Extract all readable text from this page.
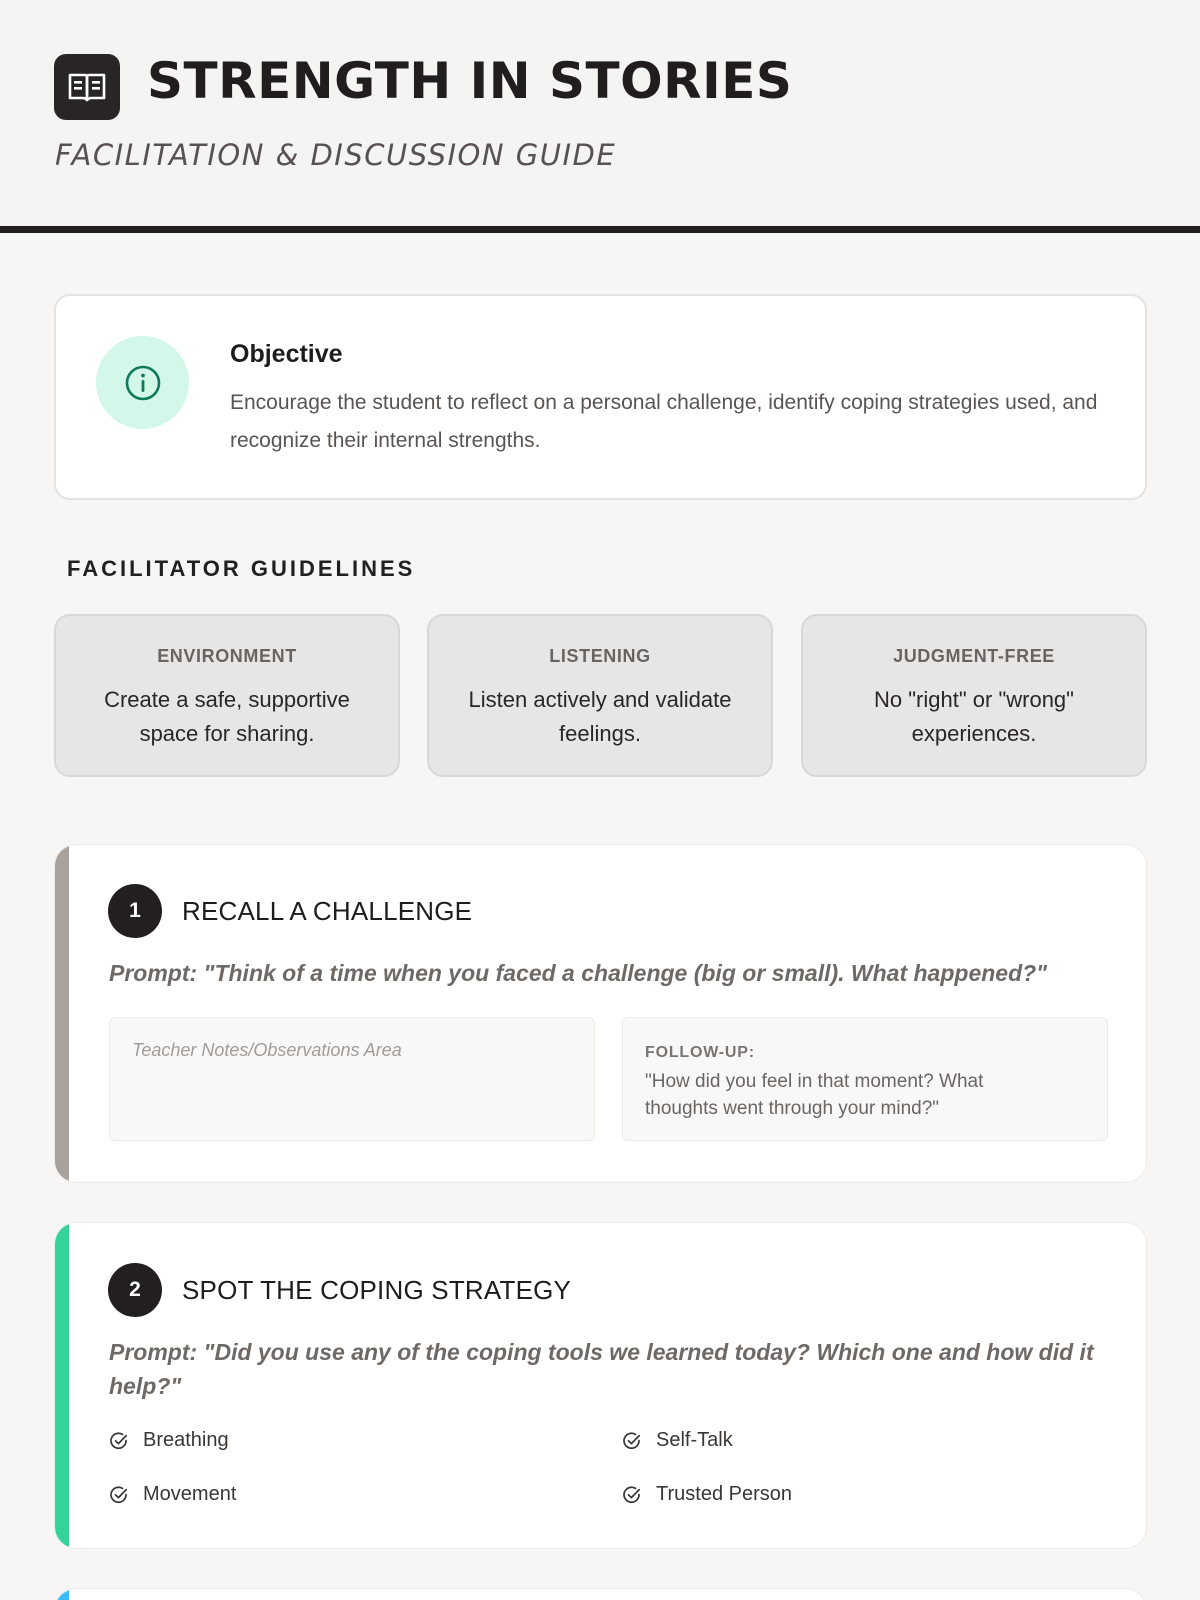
STRENGTH IN STORIES
FACILITATION & DISCUSSION GUIDE
Objective
Encourage the student to reflect on a personal challenge, identify coping strategies used, and recognize their internal strengths.
FACILITATOR GUIDELINES
ENVIRONMENT
Create a safe, supportive space for sharing.
LISTENING
Listen actively and validate feelings.
JUDGMENT-FREE
No "right" or "wrong" experiences.
1	RECALL A CHALLENGE
Prompt: "Think of a time when you faced a challenge (big or small). What happened?"
Teacher Notes/Observations Area	FOLLOW-UP:
"How did you feel in that moment? What thoughts went through your mind?"
2	SPOT THE COPING STRATEGY
Prompt: "Did you use any of the coping tools we learned today? Which one and how did it help?"
Breathing	Self-Talk
Movement	Trusted Person
